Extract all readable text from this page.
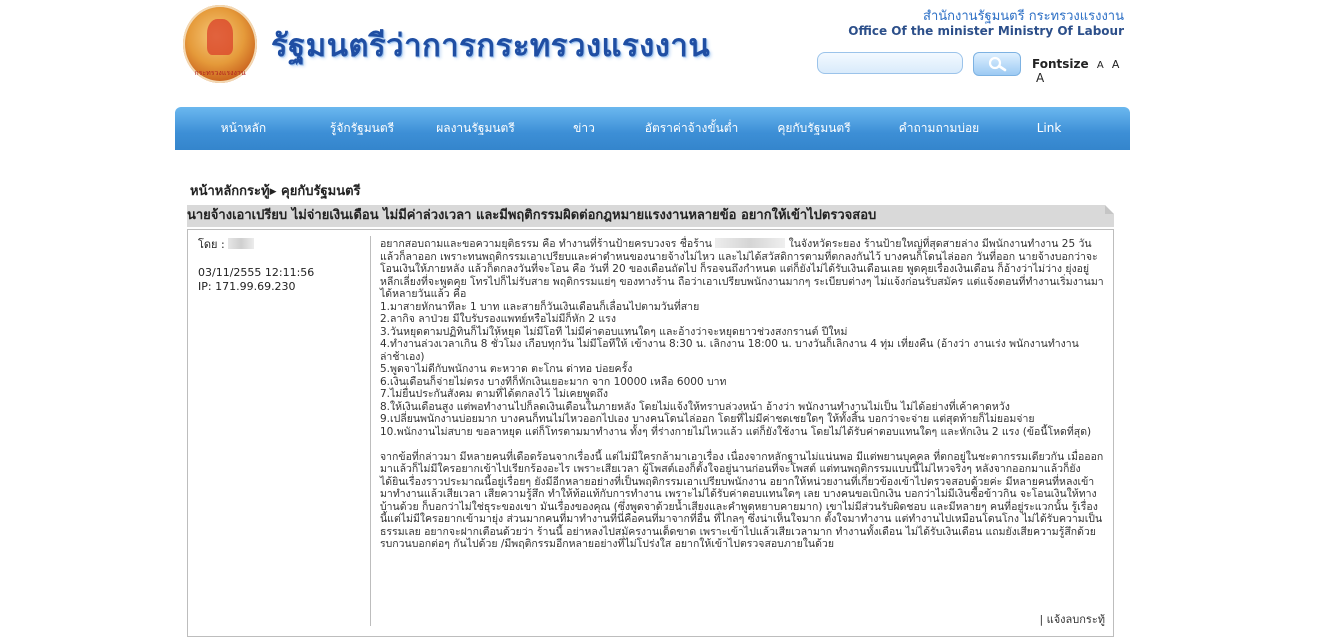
กระทรวงแรงงาน
รัฐมนตรีว่าการกระทรวงแรงงาน
สำนักงานรัฐมนตรี กระทรวงแรงงาน
Office Of the minister Ministry Of Labour
Fontsize A A A
หน้าหลัก	รู้จักรัฐมนตรี	ผลงานรัฐมนตรี	ข่าว	อัตราค่าจ้างขั้นต่ำ	คุยกับรัฐมนตรี	คำถามถามบ่อย	Link
หน้าหลักกระทู้▶ คุยกับรัฐมนตรี
นายจ้างเอาเปรียบ ไม่จ่ายเงินเดือน ไม่มีค่าล่วงเวลา และมีพฤติกรรมผิดต่อกฎหมายแรงงานหลายข้อ อยากให้เข้าไปตรวจสอบ
โดย :
03/11/2555 12:11:56
IP: 171.99.69.230

อยากสอบถามและขอความยุติธรรม คือ ทำงานที่ร้านป้ายครบวงจร ชื่อร้าน	ในจังหวัดระยอง ร้านป้ายใหญ่ที่สุดสายล่าง มีพนักงานทำงาน 25 วัน แล้วก็ลาออก เพราะทนพฤติกรรมเอาเปรียบและค่าตำหนของนายจ้างไม่ไหว และไม่ได้สวัสดิการตามที่ตกลงกันไว้ บางคนก็โดนไล่ออก วันที่ออก นายจ้างบอกว่าจะโอนเงินให้ภายหลัง แล้วก็ตกลงวันที่จะโอน คือ วันที่ 20 ของเดือนถัดไป ก็รอจนถึงกำหนด แต่ก็ยังไม่ได้รับเงินเดือนเลย พูดคุยเรื่องเงินเดือน ก็อ้างว่าไม่ว่าง ยุ่งอยู่ หลีกเลี่ยงที่จะพูดคุย โทรไปก็ไม่รับสาย พฤติกรรมแย่ๆ ของทางร้าน ถือว่าเอาเปรียบพนักงานมากๆ ระเบียบต่างๆ ไม่แจ้งก่อนรับสมัคร แต่แจ้งตอนที่ทำงานเริ่มงานมาได้หลายวันแล้ว คือ

1.มาสายหักนาทีละ 1 บาท และสายก็วันเงินเดือนก็เลื่อนไปตามวันที่สาย

2.ลากิจ ลาป่วย มีใบรับรองแพทย์หรือไม่มีก็หัก 2 แรง

3.วันหยุดตามปฏิทินก็ไม่ให้หยุด ไม่มีโอที ไม่มีค่าตอบแทนใดๆ และอ้างว่าจะหยุดยาวช่วงสงกรานต์ ปีใหม่

4.ทำงานล่วงเวลาเกิน 8 ชั่วโมง เกือบทุกวัน ไม่มีโอทีให้ เข้างาน 8:30 น. เลิกงาน 18:00 น. บางวันก็เลิกงาน 4 ทุ่ม เที่ยงคืน (อ้างว่า งานเร่ง พนักงานทำงานล่าช้าเอง)

5.พูดจาไม่ดีกับพนักงาน ตะหวาด ตะโกน ด่าทอ บ่อยครั้ง

6.เงินเดือนก็จ่ายไม่ตรง บางทีก็หักเงินเยอะมาก จาก 10000 เหลือ 6000 บาท

7.ไม่ยื่นประกันสังคม ตามที่ได้ตกลงไว้ ไม่เคยพูดถึง

8.ให้เงินเดือนสูง แต่พอทำงานไปก็ลดเงินเดือนในภายหลัง โดยไม่แจ้งให้ทราบล่วงหน้า อ้างว่า พนักงานทำงานไม่เป็น ไม่ได้อย่างที่เค้าคาดหวัง

9.เปลี่ยนพนักงานบ่อยมาก บางคนก็ทนไม่ไหวออกไปเอง บางคนโดนไล่ออก โดยที่ไม่มีค่าชดเชยใดๆ ให้ทั้งสิ้น บอกว่าจะจ่าย แต่สุดท้ายก็ไม่ยอมจ่าย

10.พนักงานไม่สบาย ขอลาหยุด แต่ก็โทรตามมาทำงาน ทั้งๆ ที่ร่างกายไม่ไหวแล้ว แต่ก็ยังใช้งาน โดยไม่ได้รับค่าตอบแทนใดๆ และหักเงิน 2 แรง (ข้อนี้โหดที่สุด)

จากข้อที่กล่าวมา มีหลายคนที่เดือดร้อนจากเรื่องนี้ แต่ไม่มีใครกล้ามาเอาเรื่อง เนื่องจากหลักฐานไม่แน่นพอ มีแต่พยานบุคคล ที่ตกอยู่ในชะตากรรมเดียวกัน เมื่อออกมาแล้วก็ไม่มีใครอยากเข้าไปเรียกร้องอะไร เพราะเสียเวลา ผู้โพสต์เองก็ตั้งใจอยู่นานก่อนที่จะโพสต์ แต่ทนพฤติกรรมแบบนี้ไม่ไหวจริงๆ หลังจากออกมาแล้วก็ยังได้ยินเรื่องราวประมาณนี้อยู่เรื่อยๆ ยังมีอีกหลายอย่างที่เป็นพฤติกรรมเอาเปรียบพนักงาน อยากให้หน่วยงานที่เกี่ยวข้องเข้าไปตรวจสอบด้วยค่ะ มีหลายคนที่หลงเข้ามาทำงานแล้วเสียเวลา เสียความรู้สึก ทำให้ท้อแท้กับการทำงาน เพราะไม่ได้รับค่าตอบแทนใดๆ เลย บางคนขอเบิกเงิน บอกว่าไม่มีเงินซื้อข้าวกิน จะโอนเงินให้ทางบ้านด้วย ก็บอกว่าไม่ใช่ธุระของเขา มันเรื่องของคุณ (ซึ่งพูดจาด้วยน้ำเสียงและคำพูดหยาบคายมาก) เขาไม่มีส่วนรับผิดชอบ และมีหลายๆ คนที่อยู่ระแวกนั้น รู้เรื่องนี้แต่ไม่มีใครอยากเข้ามายุ่ง ส่วนมากคนที่มาทำงานที่นี่คือคนที่มาจากที่อื่น ที่ไกลๆ ซึ่งน่าเห็นใจมาก ตั้งใจมาทำงาน แต่ทำงานไปเหมือนโดนโกง ไม่ได้รับความเป็นธรรมเลย อยากจะฝากเตือนด้วยว่า ร้านนี้ อย่าหลงไปสมัครงานเด็ดขาด เพราะเข้าไปแล้วเสียเวลามาก ทำงานทั้งเดือน ไม่ได้รับเงินเดือน แถมยังเสียความรู้สึกด้วย รบกวนบอกต่อๆ กันไปด้วย /มีพฤติกรรมอีกหลายอย่างที่ไม่โปร่งใส อยากให้เข้าไปตรวจสอบภายในด้วย

| แจ้งลบกระทู้
